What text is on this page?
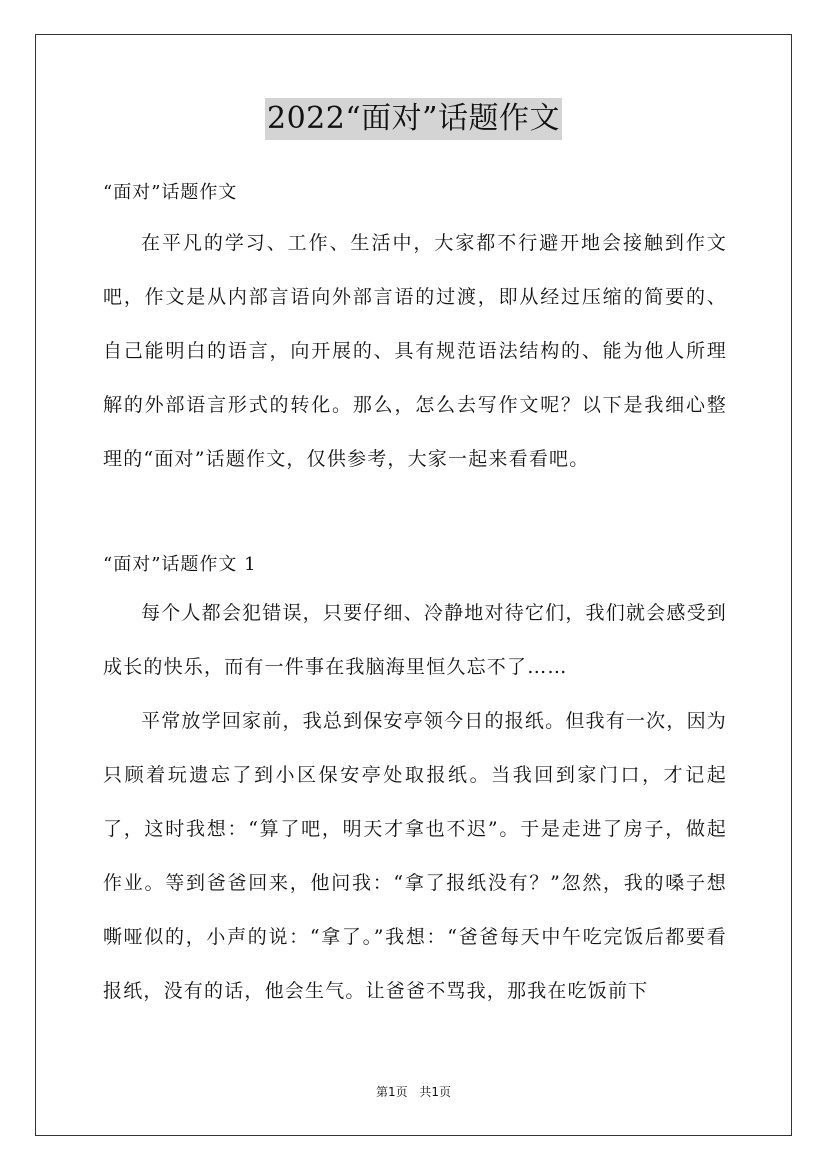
2022“面对”话题作文

“面对”话题作文

在平凡的学习、工作、生活中，大家都不行避开地会接触到作文吧，作文是从内部言语向外部言语的过渡，即从经过压缩的简要的、自己能明白的语言，向开展的、具有规范语法结构的、能为他人所理解的外部语言形式的转化。那么，怎么去写作文呢？以下是我细心整理的“面对”话题作文，仅供参考，大家一起来看看吧。

“面对”话题作文 1

每个人都会犯错误，只要仔细、冷静地对待它们，我们就会感受到成长的快乐，而有一件事在我脑海里恒久忘不了……

平常放学回家前，我总到保安亭领今日的报纸。但我有一次，因为只顾着玩遗忘了到小区保安亭处取报纸。当我回到家门口，才记起了，这时我想：“算了吧，明天才拿也不迟”。于是走进了房子，做起作业。等到爸爸回来，他问我：“拿了报纸没有？”忽然，我的嗓子想嘶哑似的，小声的说：“拿了。”我想：“爸爸每天中午吃完饭后都要看报纸，没有的话，他会生气。让爸爸不骂我，那我在吃饭前下

第1页 共1页
